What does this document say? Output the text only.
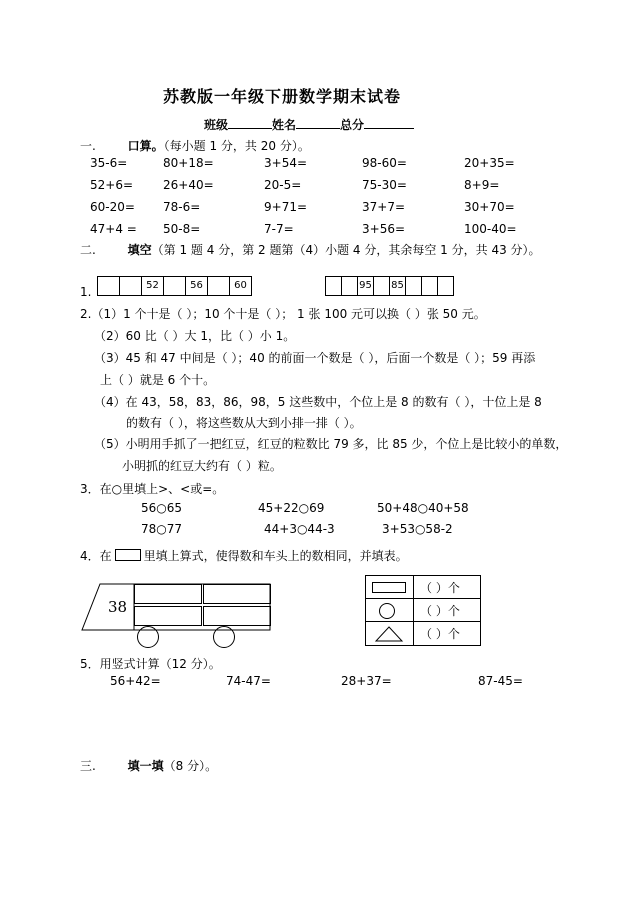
苏教版一年级下册数学期末试卷
班级	姓名	总分
一.	口算。（每小题 1 分，共 20 分）。
35-6=	80+18=	3+54=	98-60=	20+35=
52+6= 26+40=	20-5=	75-30=	8+9=
60-20= 78-6=	9+71=	37+7=	30+70=
47+4 = 50-8=	7-7=	3+56=	100-40=
二.	填空（第 1 题 4 分，第 2 题第（4）小题 4 分，其余每空 1 分，共 43 分）。
1.	52	56	60	95 85
2.（1）1 个十是（ ）；10 个十是（ ）； 1 张 100 元可以换（ ）张 50 元。
（2）60 比（ ）大 1，比（ ）小 1。
（3）45 和 47 中间是（ ）；40 的前面一个数是（ ），后面一个数是（ ）；59 再添
上（ ）就是 6 个十。
（4）在 43，58，83，86，98，5 这些数中，个位上是 8 的数有（ ），十位上是 8
的数有（ ），将这些数从大到小排一排（ ）。
（5）小明用手抓了一把红豆，红豆的粒数比 79 多，比 85 少，个位上是比较小的单数，
小明抓的红豆大约有（ ）粒。
3．在○里填上>、<或=。
56○65	45+22○69	50+48○40+58
78○77	44+3○44-3	3+53○58-2
4．在	里填上算式，使得数和车头上的数相同，并填表。
38
（ ）个
（ ）个
（ ）个
5．用竖式计算（12 分）。
56+42=	74-47=	28+37=	87-45=
三.	填一填（8 分）。
